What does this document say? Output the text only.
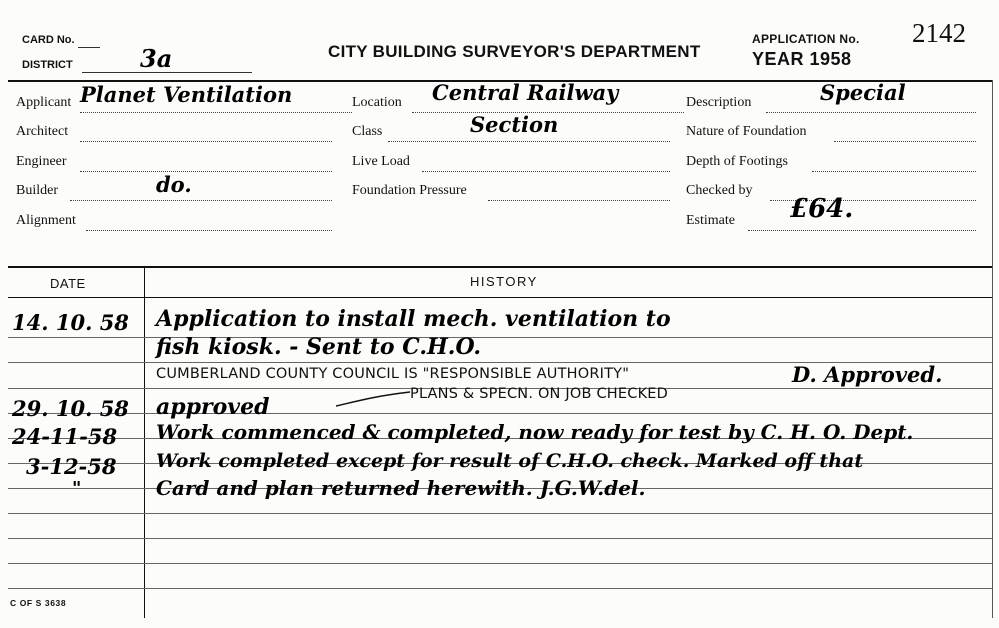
CARD No.
DISTRICT	3a	CITY BUILDING SURVEYOR'S DEPARTMENT
APPLICATION No. 2142
YEAR 1958
Applicant Planet Ventilation
Architect
Engineer
Builder	do.
Alignment
Location Central Railway
Class	Section
Live Load
Foundation Pressure
Description	Special
Nature of Foundation
Depth of Footings
Checked by
Estimate £64.
DATE	HISTORY
14. 10. 58 Application to install mech. ventilation to
fish kiosk. - Sent to C.H.O.
CUMBERLAND COUNTY COUNCIL IS "RESPONSIBLE AUTHORITY"	D. Approved.
29. 10. 58 approved	PLANS & SPECN. ON JOB CHECKED
24-11-58 Work commenced & completed, now ready for test by C. H. O. Dept.
3-12-58 Work completed except for result of C.H.O. check. Marked off that
"	Card and plan returned herewith. J.G.W.del.
C OF S 3638
